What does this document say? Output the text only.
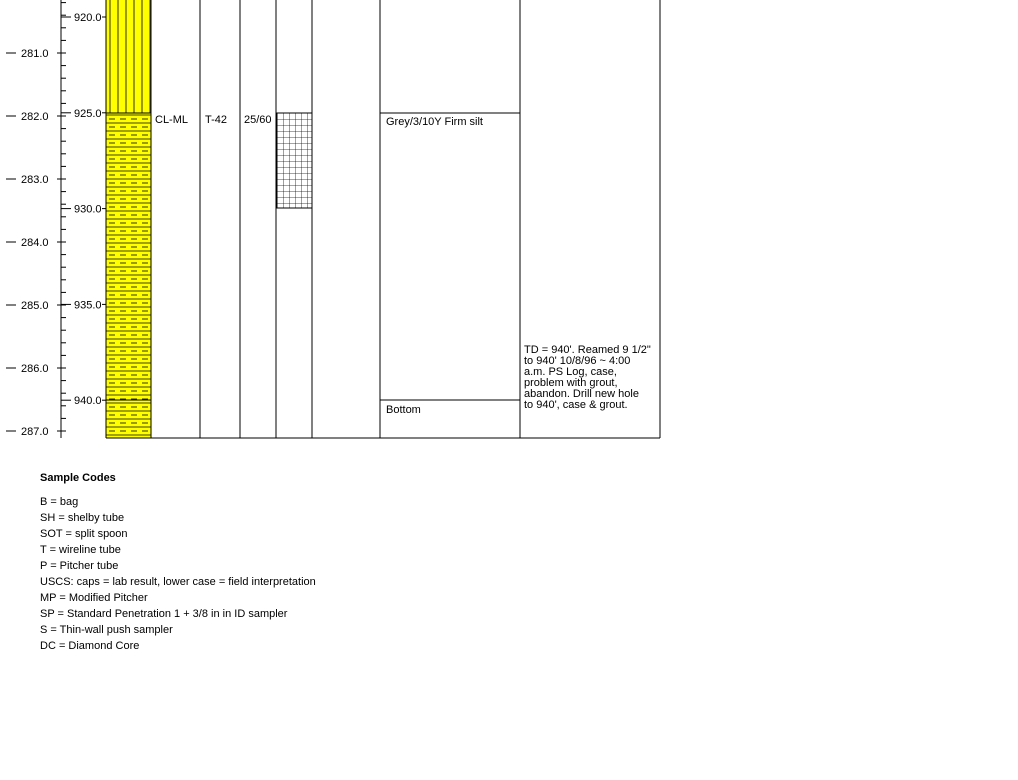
281.0
282.0
283.0
284.0
285.0
286.0
287.0
920.0
925.0
930.0
935.0
940.0
CL-ML T-42 25/60	Grey/3/10Y Firm silt
Bottom
TD = 940'. Reamed 9 1/2"
to 940' 10/8/96 ~ 4:00
a.m. PS Log, case,
problem with grout,
abandon. Drill new hole
to 940', case & grout.
Sample Codes
B = bag
SH = shelby tube
SOT = split spoon
T = wireline tube
P = Pitcher tube
USCS: caps = lab result, lower case = field interpretation
MP = Modified Pitcher
SP = Standard Penetration 1 + 3/8 in in ID sampler
S = Thin-wall push sampler
DC = Diamond Core
